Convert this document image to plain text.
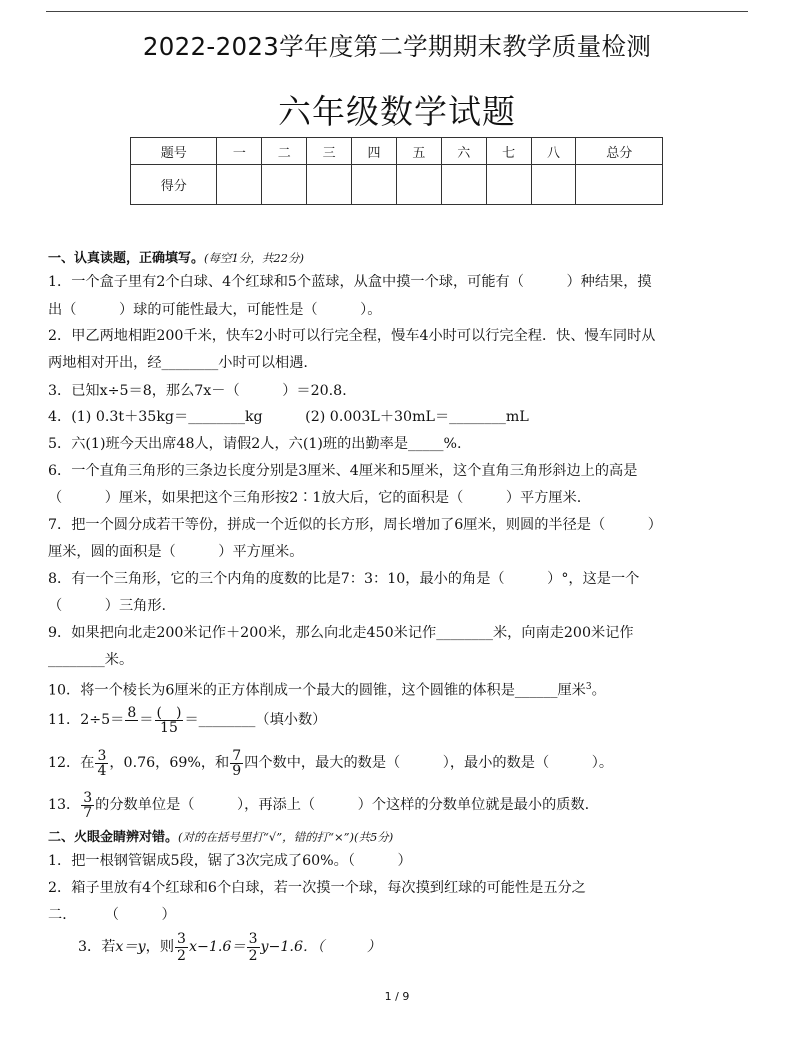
2022-2023学年度第二学期期末教学质量检测
六年级数学试题
题号	一	二	三	四	五	六	七	八	总分
得分									
一、认真读题，正确填写。(每空1分，共22分)
1．一个盒子里有2个白球、4个红球和5个蓝球，从盒中摸一个球，可能有（　　　）种结果，摸
出（　　　）球的可能性最大，可能性是（　　　）。
2．甲乙两地相距200千米，快车2小时可以行完全程，慢车4小时可以行完全程．快、慢车同时从
两地相对开出，经________小时可以相遇.
3．已知x÷5＝8，那么7x－（　　　）＝20.8．
4．(1) 0.3t＋35kg＝________kg　　　(2) 0.003L＋30mL＝________mL
5．六(1)班今天出席48人，请假2人，六(1)班的出勤率是_____%.
6．一个直角三角形的三条边长度分别是3厘米、4厘米和5厘米，这个直角三角形斜边上的高是
（　　　）厘米，如果把这个三角形按2∶1放大后，它的面积是（　　　）平方厘米.
7．把一个圆分成若干等份，拼成一个近似的长方形，周长增加了6厘米，则圆的半径是（　　　）
厘米，圆的面积是（　　　）平方厘米。
8．有一个三角形，它的三个内角的度数的比是7：3：10，最小的角是（　　　）°，这是一个
（　　　）三角形.
9．如果把向北走200米记作＋200米，那么向北走450米记作________米，向南走200米记作
________米。
10．将一个棱长为6厘米的正方体削成一个最大的圆锥，这个圆锥的体积是______厘米$^3$。
11．2÷5＝ 8
＝ $\frac{( )}{15}$ ＝________（填小数）
12．在 $\frac{3}{4}$ ，0.76，69%，和 $\frac{7}{9}$ 四个数中，最大的数是（　　　），最小的数是（　　　）。
13． $\frac{3}{7}$ 的分数单位是（　　　），再添上（　　　）个这样的分数单位就是最小的质数.
二、火眼金睛辨对错。(对的在括号里打“√”，错的打“×”)(共5分)
1．把一根钢管锯成5段，锯了3次完成了60%。（　　　）
2．箱子里放有4个红球和6个白球，若一次摸一个球，每次摸到红球的可能性是五分之
二．　　　（　　　）
3．若x＝y，则 $\frac{3}{2} x-1.6= \frac{3}{2} y-1.6$．（　　　）
1 / 9
